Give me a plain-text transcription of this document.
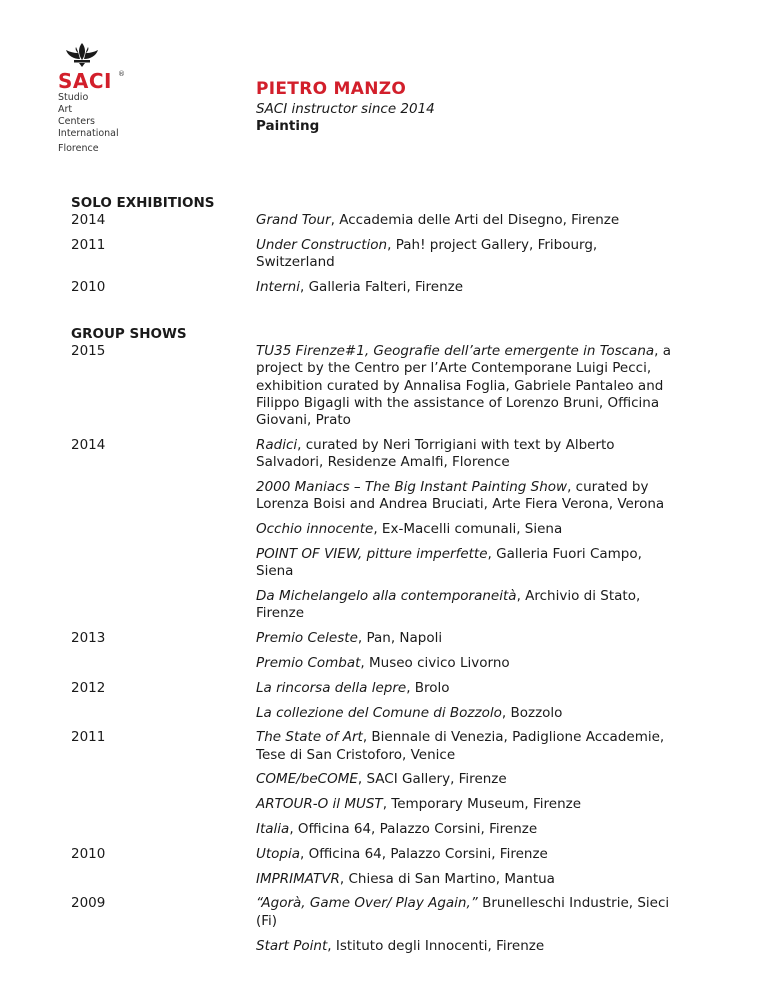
SACI ®
Studio
Art
Centers
International
Florence
PIETRO MANZO
SACI instructor since 2014
Painting
SOLO EXHIBITIONS
2014	Grand Tour, Accademia delle Arti del Disegno, Firenze
2011	Under Construction, Pah! project Gallery, Fribourg, Switzerland
2010	Interni, Galleria Falteri, Firenze
GROUP SHOWS
2015	TU35 Firenze#1, Geografie dell’arte emergente in Toscana, a project by the Centro per l’Arte Contemporane Luigi Pecci, exhibition curated by Annalisa Foglia, Gabriele Pantaleo and Filippo Bigagli with the assistance of Lorenzo Bruni, Officina Giovani, Prato
2014	Radici, curated by Neri Torrigiani with text by Alberto Salvadori, Residenze Amalfi, Florence
2000 Maniacs – The Big Instant Painting Show, curated by Lorenza Boisi and Andrea Bruciati, Arte Fiera Verona, Verona
Occhio innocente, Ex-Macelli comunali, Siena
POINT OF VIEW, pitture imperfette, Galleria Fuori Campo, Siena
Da Michelangelo alla contemporaneità, Archivio di Stato, Firenze
2013	Premio Celeste, Pan, Napoli
Premio Combat, Museo civico Livorno
2012	La rincorsa della lepre, Brolo
La collezione del Comune di Bozzolo, Bozzolo
2011	The State of Art, Biennale di Venezia, Padiglione Accademie, Tese di San Cristoforo, Venice
COME/beCOME, SACI Gallery, Firenze
ARTOUR-O il MUST, Temporary Museum, Firenze
Italia, Officina 64, Palazzo Corsini, Firenze
2010	Utopia, Officina 64, Palazzo Corsini, Firenze
IMPRIMATVR, Chiesa di San Martino, Mantua
2009	“Agorà, Game Over/ Play Again,” Brunelleschi Industrie, Sieci (Fi)
Start Point, Istituto degli Innocenti, Firenze
